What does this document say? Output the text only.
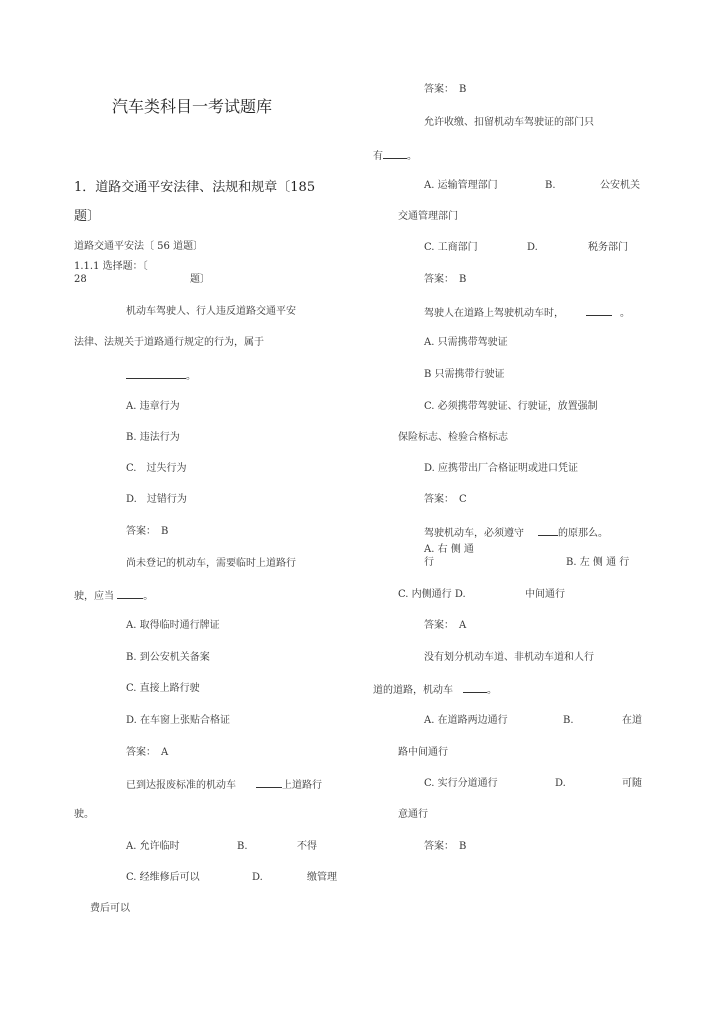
汽车类科目一考试题库
1．道路交通平安法律、法规和规章〔185
题〕
道路交通平安法〔 56 道题〕
1.1.1 选择题：〔
28	题〕
机动车驾驶人、行人违反道路交通平安
法律、法规关于道路通行规定的行为，属于
。
A. 违章行为
B. 违法行为
C.　过失行为
D.　过错行为
答案：　B
尚未登记的机动车，需要临时上道路行
驶，应当	。
A. 取得临时通行牌证
B. 到公安机关备案
C. 直接上路行驶
D. 在车窗上张贴合格证
答案：　A
已到达报废标准的机动车	上道路行
驶。
A. 允许临时	B.	不得
C. 经维修后可以	D.	缴管理
费后可以
答案：　B
允许收缴、扣留机动车驾驶证的部门只
有 。
A. 运输管理部门	B.	公安机关
交通管理部门
C. 工商部门	D.	税务部门
答案：　B
驾驶人在道路上驾驶机动车时，	。
A. 只需携带驾驶证
B 只需携带行驶证
C. 必须携带驾驶证、行驶证，放置强制
保险标志、检验合格标志
D. 应携带出厂合格证明或进口凭证
答案：　C
驾驶机动车，必须遵守	的原那么。
A. 右 侧 通
行	B. 左 侧 通 行
C. 内侧通行 D.	中间通行
答案：　A
没有划分机动车道、非机动车道和人行
道的道路，机动车	。
A. 在道路两边通行	B.	在道
路中间通行
C. 实行分道通行	D.	可随
意通行
答案：　B
